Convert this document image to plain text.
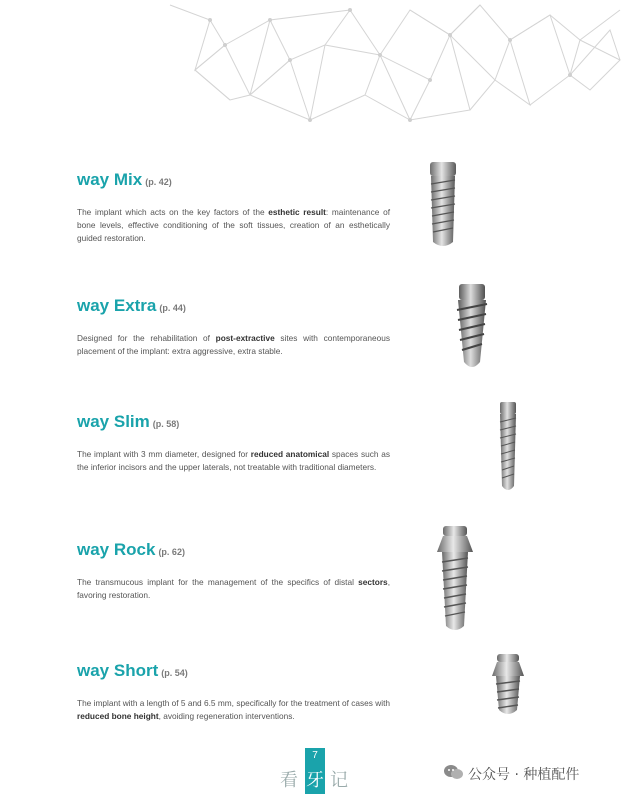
way Mix (p. 42)

The implant which acts on the key factors of the esthetic result: maintenance of bone levels, effective conditioning of the soft tissues, creation of an esthetically guided restoration.

way Extra (p. 44)

Designed for the rehabilitation of post-extractive sites with contemporaneous placement of the implant: extra aggressive, extra stable.

way Slim (p. 58)

The implant with 3 mm diameter, designed for reduced anatomical spaces such as the inferior incisors and the upper laterals, not treatable with traditional diameters.

way Rock (p. 62)

The transmucous implant for the management of the specifics of distal sectors, favoring restoration.

way Short (p. 54)

The implant with a length of 5 and 6.5 mm, specifically for the treatment of cases with reduced bone height, avoiding regeneration interventions.

看
7
牙 记	公众号 · 种植配件
